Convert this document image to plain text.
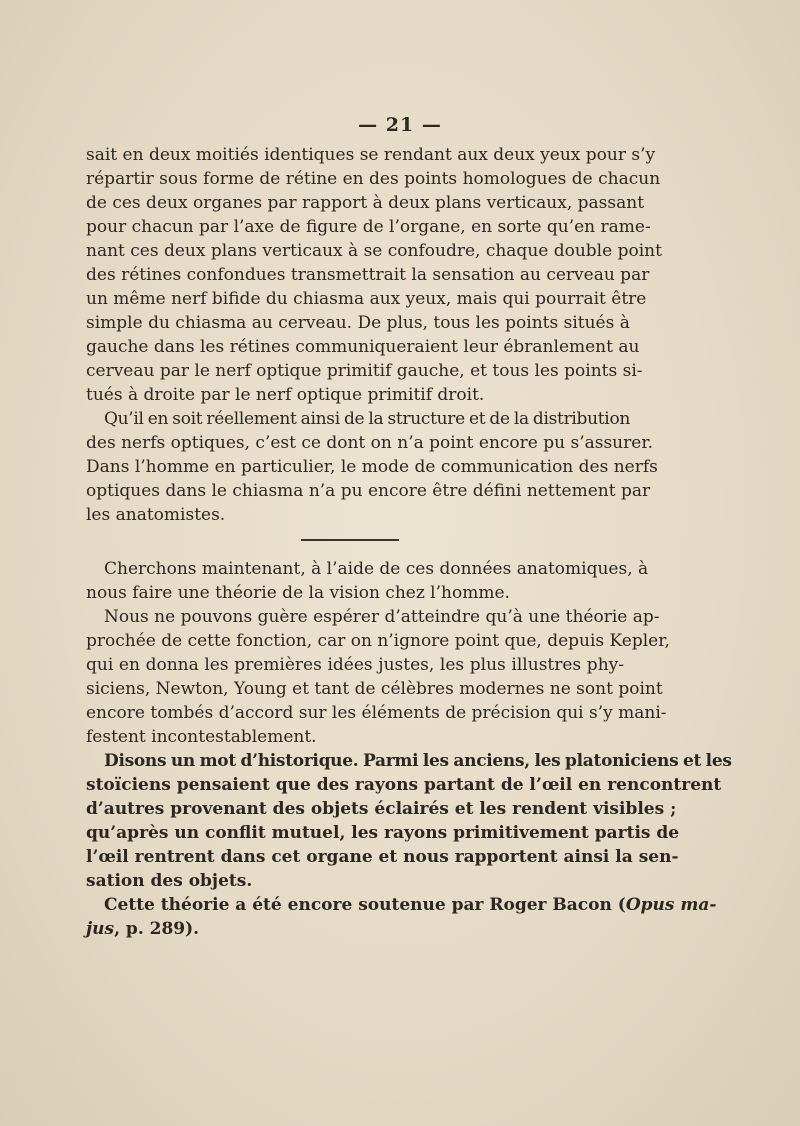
— 21 —
sait en deux moitiés identiques se rendant aux deux yeux pour s’y
répartir sous forme de rétine en des points homologues de chacun
de ces deux organes par rapport à deux plans verticaux, passant
pour chacun par l’axe de figure de l’organe, en sorte qu’en rame-
nant ces deux plans verticaux à se confoudre, chaque double point
des rétines confondues transmettrait la sensation au cerveau par
un même nerf bifide du chiasma aux yeux, mais qui pourrait être
simple du chiasma au cerveau. De plus, tous les points situés à
gauche dans les rétines communiqueraient leur ébranlement au
cerveau par le nerf optique primitif gauche, et tous les points si-
tués à droite par le nerf optique primitif droit.
Qu’il en soit réellement ainsi de la structure et de la distribution
des nerfs optiques, c’est ce dont on n’a point encore pu s’assurer.
Dans l’homme en particulier, le mode de communication des nerfs
optiques dans le chiasma n’a pu encore être défini nettement par
les anatomistes.
Cherchons maintenant, à l’aide de ces données anatomiques, à
nous faire une théorie de la vision chez l’homme.
Nous ne pouvons guère espérer d’atteindre qu’à une théorie ap-
prochée de cette fonction, car on n’ignore point que, depuis Kepler,
qui en donna les premières idées justes, les plus illustres phy-
siciens, Newton, Young et tant de célèbres modernes ne sont point
encore tombés d’accord sur les éléments de précision qui s’y mani-
festent incontestablement.
Disons un mot d’historique. Parmi les anciens, les platoniciens et les
stoïciens pensaient que des rayons partant de l’œil en rencontrent
d’autres provenant des objets éclairés et les rendent visibles ;
qu’après un conflit mutuel, les rayons primitivement partis de
l’œil rentrent dans cet organe et nous rapportent ainsi la sen-
sation des objets.
Cette théorie a été encore soutenue par Roger Bacon (Opus ma-
jus, p. 289).
